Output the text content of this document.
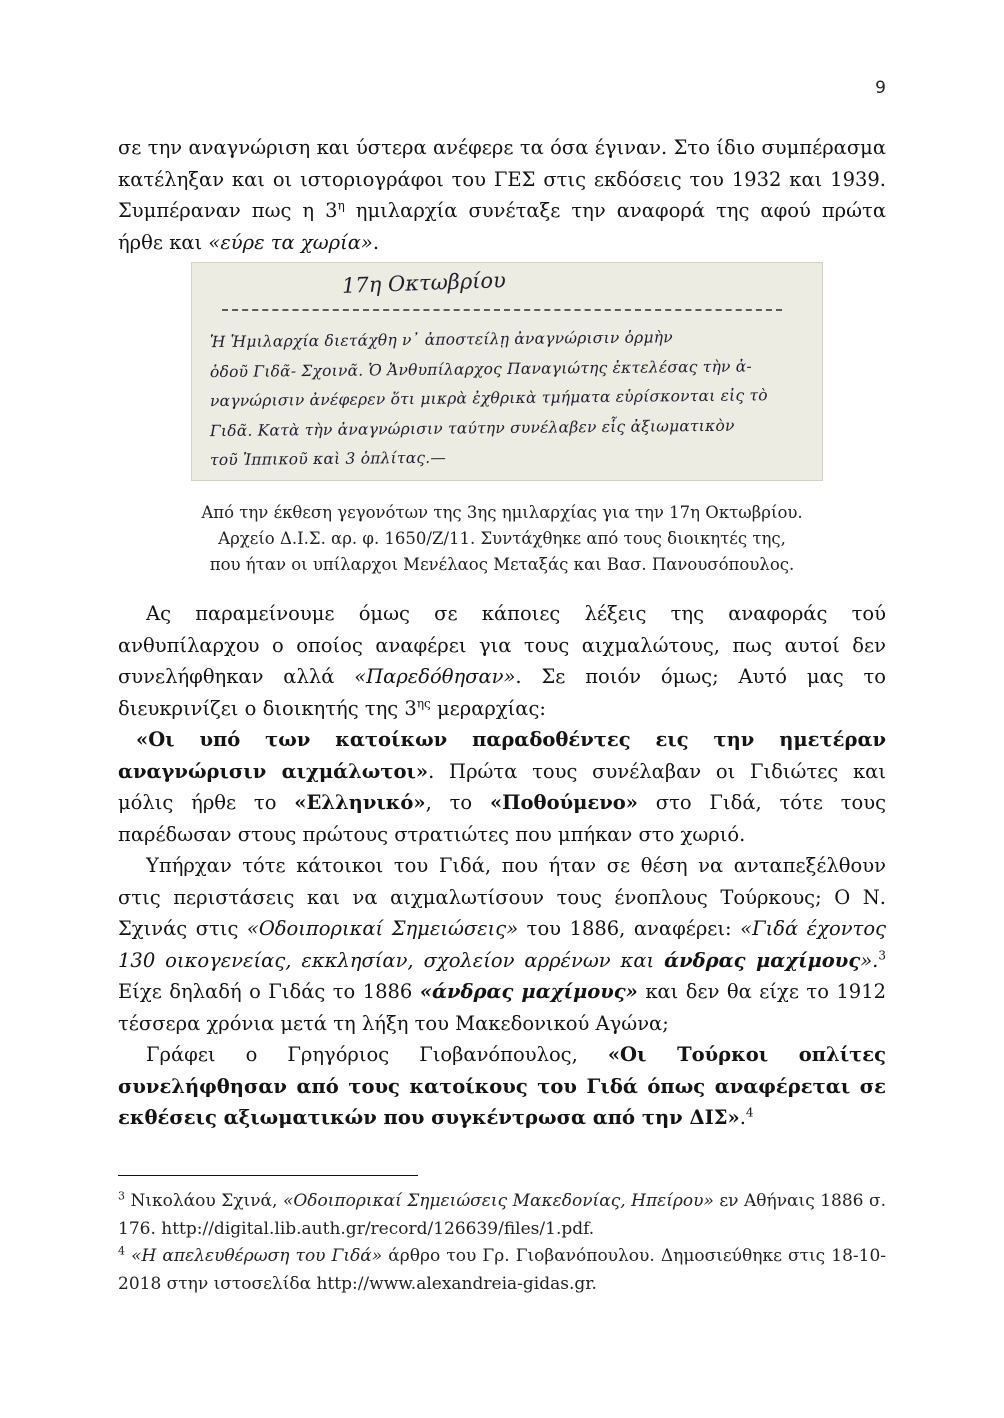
9

σε την αναγνώριση και ύστερα ανέφερε τα όσα έγιναν. Στο ίδιο συμπέρασμα κατέληξαν και οι ιστοριογράφοι του ΓΕΣ στις εκδόσεις του 1932 και 1939. Συμπέραναν πως η $3^\eta$ ημιλαρχία συνέταξε την αναφορά της αφού πρώτα ήρθε και «εύρε τα χωρία».

17η Οκτωβρίου
Ἡ Ἡμιλαρχία διετάχθη ν᾽ ἀποστείλῃ ἀναγνώρισιν ὁρμὴν
ὁδοῦ Γιδᾶ- Σχοινᾶ. Ὁ Ἀνθυπίλαρχος Παναγιώτης ἐκτελέσας τὴν ἀ-
ναγνώρισιν ἀνέφερεν ὅτι μικρὰ ἐχθρικὰ τμήματα εὑρίσκονται εἰς τὸ
Γιδᾶ. Κατὰ τὴν ἀναγνώρισιν ταύτην συνέλαβεν εἷς ἀξιωματικὸν
τοῦ Ἰππικοῦ καὶ 3 ὁπλίτας.—
Από την έκθεση γεγονότων της 3ης ημιλαρχίας για την 17η Οκτωβρίου.
Αρχείο Δ.Ι.Σ. αρ. φ. 1650/Ζ/11. Συντάχθηκε από τους διοικητές της,
που ήταν οι υπίλαρχοι Μενέλαος Μεταξάς και Βασ. Πανουσόπουλος.

Ας παραμείνουμε όμως σε κάποιες λέξεις της αναφοράς τού ανθυπίλαρχου ο οποίος αναφέρει για τους αιχμαλώτους, πως αυτοί δεν συνελήφθηκαν αλλά «Παρεδόθησαν». Σε ποιόν όμως; Αυτό μας το διευκρινίζει ο διοικητής της $3^{\eta\varsigma}$ μεραρχίας:

«Οι υπό των κατοίκων παραδοθέντες εις την ημετέραν αναγνώρισιν αιχμάλωτοι». Πρώτα τους συνέλαβαν οι Γιδιώτες και μόλις ήρθε το «Ελληνικό», το «Ποθούμενο» στο Γιδά, τότε τους παρέδωσαν στους πρώτους στρατιώτες που μπήκαν στο χωριό.

Υπήρχαν τότε κάτοικοι του Γιδά, που ήταν σε θέση να ανταπεξέλθουν στις περιστάσεις και να αιχμαλωτίσουν τους ένοπλους Τούρκους; Ο Ν. Σχινάς στις «Οδοιπορικαί Σημειώσεις» του 1886, αναφέρει: «Γιδά έχοντος 130 οικογενείας, εκκλησίαν, σχολείον αρρένων και άνδρας μαχίμους».$^3$ Είχε δηλαδή ο Γιδάς το 1886 «άνδρας μαχίμους» και δεν θα είχε το 1912 τέσσερα χρόνια μετά τη λήξη του Μακεδονικού Αγώνα;

Γράφει ο Γρηγόριος Γιοβανόπουλος, «Οι Τούρκοι οπλίτες συνελήφθησαν από τους κατοίκους του Γιδά όπως αναφέρεται σε εκθέσεις αξιωματικών που συγκέντρωσα από την ΔΙΣ».$^4$

$^3$ Νικολάου Σχινά, «Οδοιπορικαί Σημειώσεις Μακεδονίας, Ηπείρου» εν Αθήναις 1886 σ. 176. http://digital.lib.auth.gr/record/126639/files/1.pdf.

$^4$ «Η απελευθέρωση του Γιδά» άρθρο του Γρ. Γιοβανόπουλου. Δημοσιεύθηκε στις 18-10-2018 στην ιστοσελίδα http://www.alexandreia-gidas.gr.
